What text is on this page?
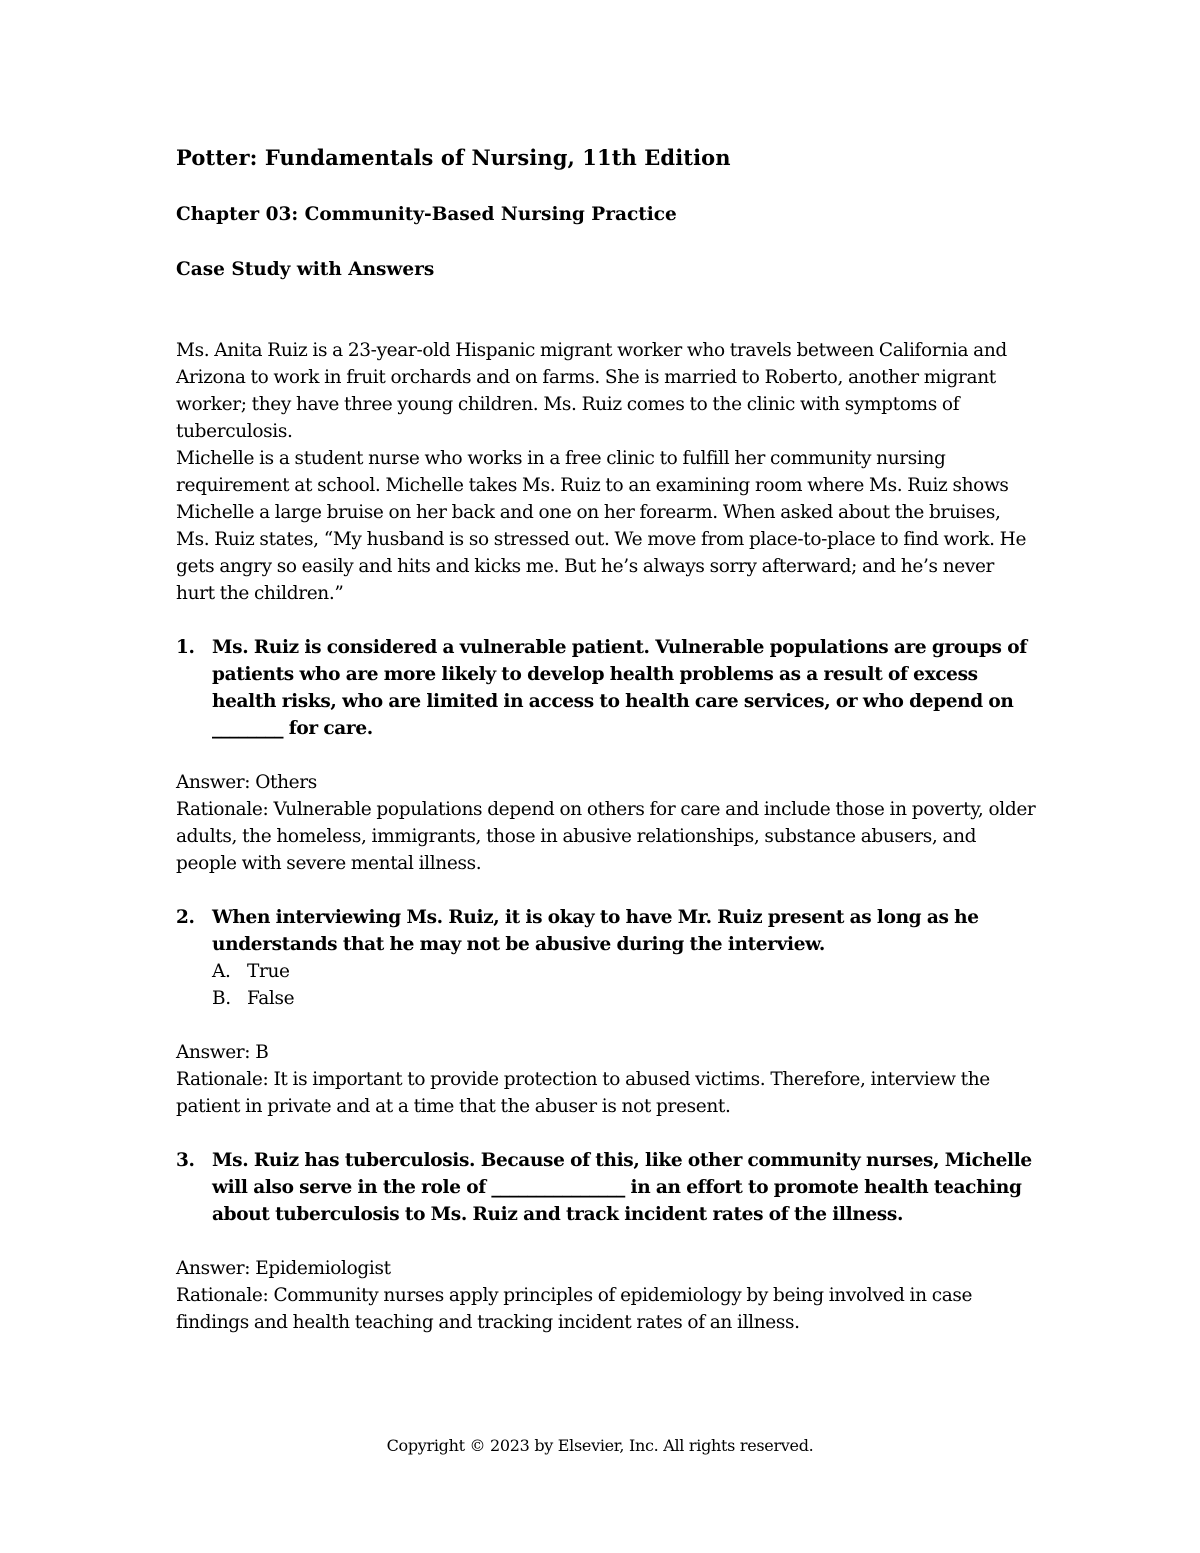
Potter: Fundamentals of Nursing, 11th Edition
Chapter 03: Community-Based Nursing Practice
Case Study with Answers

Ms. Anita Ruiz is a 23-year-old Hispanic migrant worker who travels between California and Arizona to work in fruit orchards and on farms. She is married to Roberto, another migrant worker; they have three young children. Ms. Ruiz comes to the clinic with symptoms of tuberculosis.

Michelle is a student nurse who works in a free clinic to fulfill her community nursing requirement at school. Michelle takes Ms. Ruiz to an examining room where Ms. Ruiz shows Michelle a large bruise on her back and one on her forearm. When asked about the bruises, Ms. Ruiz states, “My husband is so stressed out. We move from place-to-place to find work. He gets angry so easily and hits and kicks me. But he’s always sorry afterward; and he’s never hurt the children.”

1. Ms. Ruiz is considered a vulnerable patient. Vulnerable populations are groups of patients who are more likely to develop health problems as a result of excess health risks, who are limited in access to health care services, or who depend on ________ for care.
Answer: Others
Rationale: Vulnerable populations depend on others for care and include those in poverty, older adults, the homeless, immigrants, those in abusive relationships, substance abusers, and people with severe mental illness.
2. When interviewing Ms. Ruiz, it is okay to have Mr. Ruiz present as long as he understands that he may not be abusive during the interview.
A. True
B. False
Answer: B
Rationale: It is important to provide protection to abused victims. Therefore, interview the patient in private and at a time that the abuser is not present.
3. Ms. Ruiz has tuberculosis. Because of this, like other community nurses, Michelle will also serve in the role of _______________ in an effort to promote health teaching about tuberculosis to Ms. Ruiz and track incident rates of the illness.
Answer: Epidemiologist
Rationale: Community nurses apply principles of epidemiology by being involved in case findings and health teaching and tracking incident rates of an illness.
Copyright © 2023 by Elsevier, Inc. All rights reserved.
